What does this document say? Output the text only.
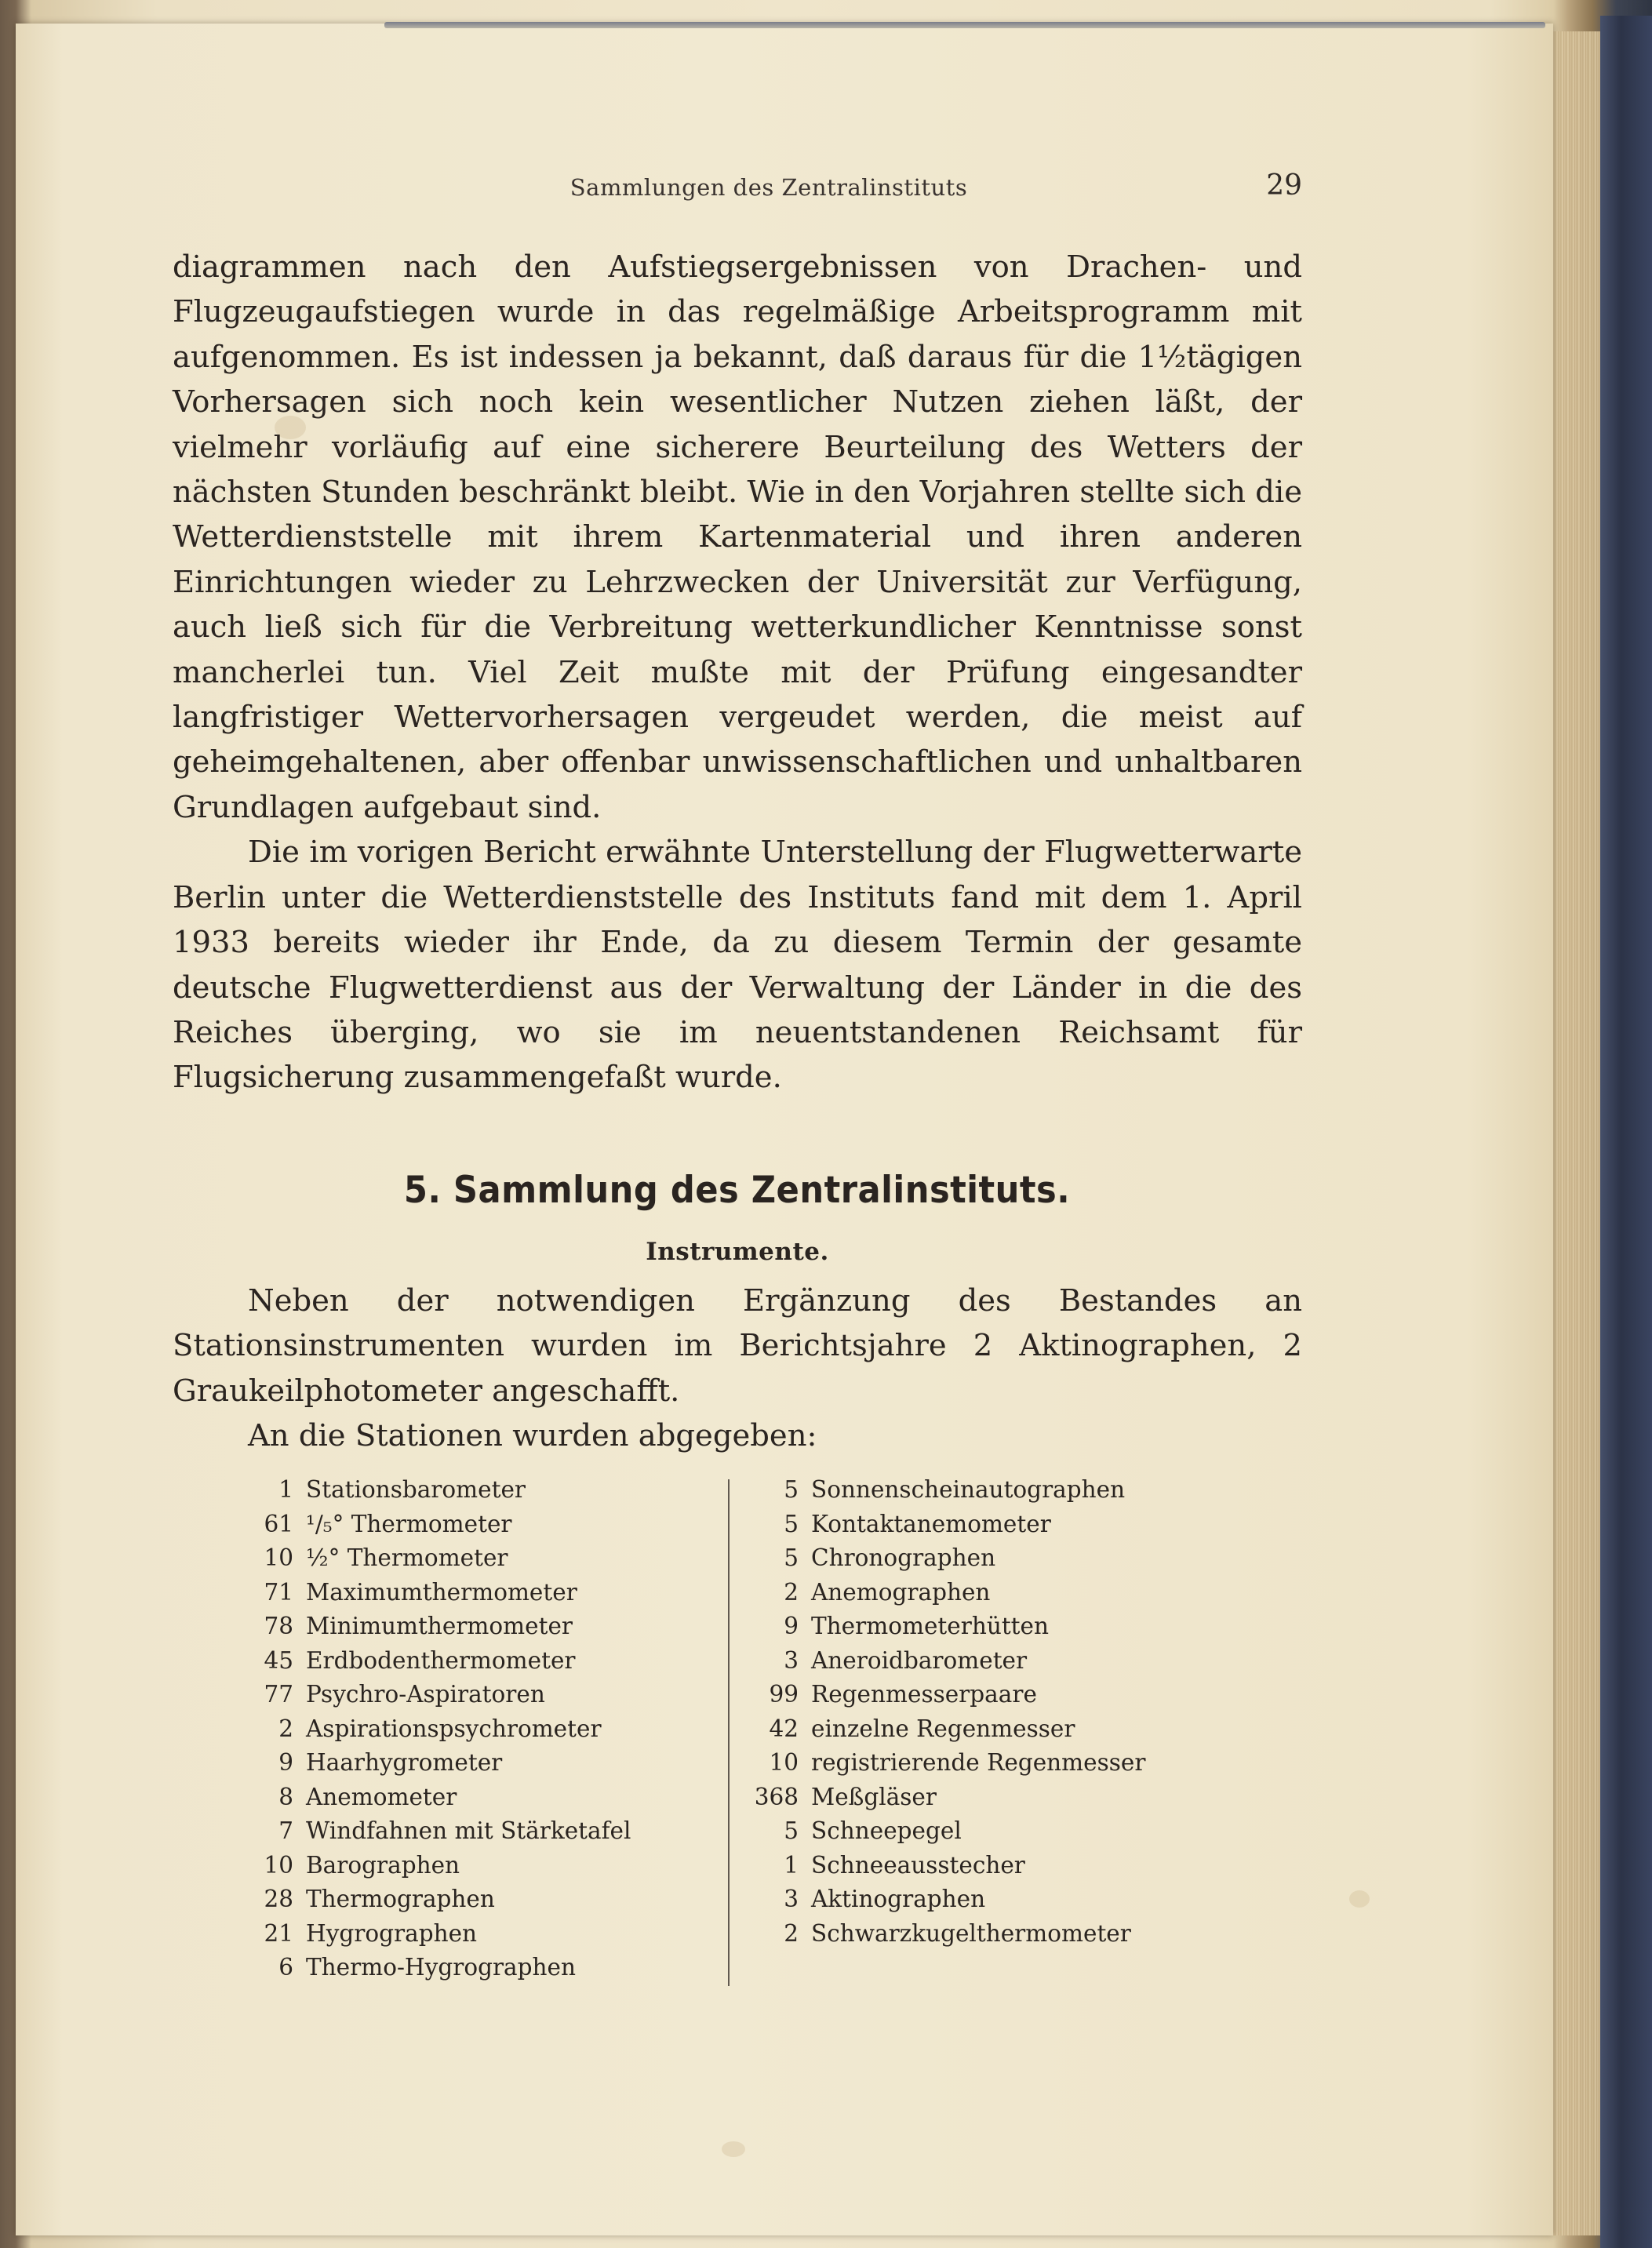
Sammlungen des Zentralinstituts	29

diagrammen nach den Aufstiegsergebnissen von Drachen- und Flugzeugaufstiegen wurde in das regelmäßige Arbeitsprogramm mit aufgenommen. Es ist indessen ja bekannt, daß daraus für die 1½tägigen Vorhersagen sich noch kein wesentlicher Nutzen ziehen läßt, der vielmehr vorläufig auf eine sicherere Beurteilung des Wetters der nächsten Stunden beschränkt bleibt. Wie in den Vorjahren stellte sich die Wetterdienststelle mit ihrem Kartenmaterial und ihren anderen Einrichtungen wieder zu Lehrzwecken der Universität zur Verfügung, auch ließ sich für die Verbreitung wetterkundlicher Kenntnisse sonst mancherlei tun. Viel Zeit mußte mit der Prüfung eingesandter langfristiger Wettervorhersagen vergeudet werden, die meist auf geheimgehaltenen, aber offenbar unwissenschaftlichen und unhaltbaren Grundlagen aufgebaut sind.

Die im vorigen Bericht erwähnte Unterstellung der Flugwetterwarte Berlin unter die Wetterdienststelle des Instituts fand mit dem 1. April 1933 bereits wieder ihr Ende, da zu diesem Termin der gesamte deutsche Flugwetterdienst aus der Verwaltung der Länder in die des Reiches überging, wo sie im neuentstandenen Reichsamt für Flugsicherung zusammengefaßt wurde.

5. Sammlung des Zentralinstituts.
Instrumente.

Neben der notwendigen Ergänzung des Bestandes an Stationsinstrumenten wurden im Berichtsjahre 2 Aktinographen, 2 Graukeilphotometer angeschafft.

An die Stationen wurden abgegeben:

1 Stationsbarometer
61 ¹/₅° Thermometer
10 ½° Thermometer
71 Maximumthermometer
78 Minimumthermometer
45 Erdbodenthermometer
77 Psychro-Aspiratoren
2 Aspirationspsychrometer
9 Haarhygrometer
8 Anemometer
7 Windfahnen mit Stärketafel
10 Barographen
28 Thermographen
21 Hygrographen
6 Thermo-Hygrographen
5 Sonnenscheinautographen
5 Kontaktanemometer
5 Chronographen
2 Anemographen
9 Thermometerhütten
3 Aneroidbarometer
99 Regenmesserpaare
42 einzelne Regenmesser
10 registrierende Regenmesser
368 Meßgläser
5 Schneepegel
1 Schneeausstecher
3 Aktinographen
2 Schwarzkugelthermometer
